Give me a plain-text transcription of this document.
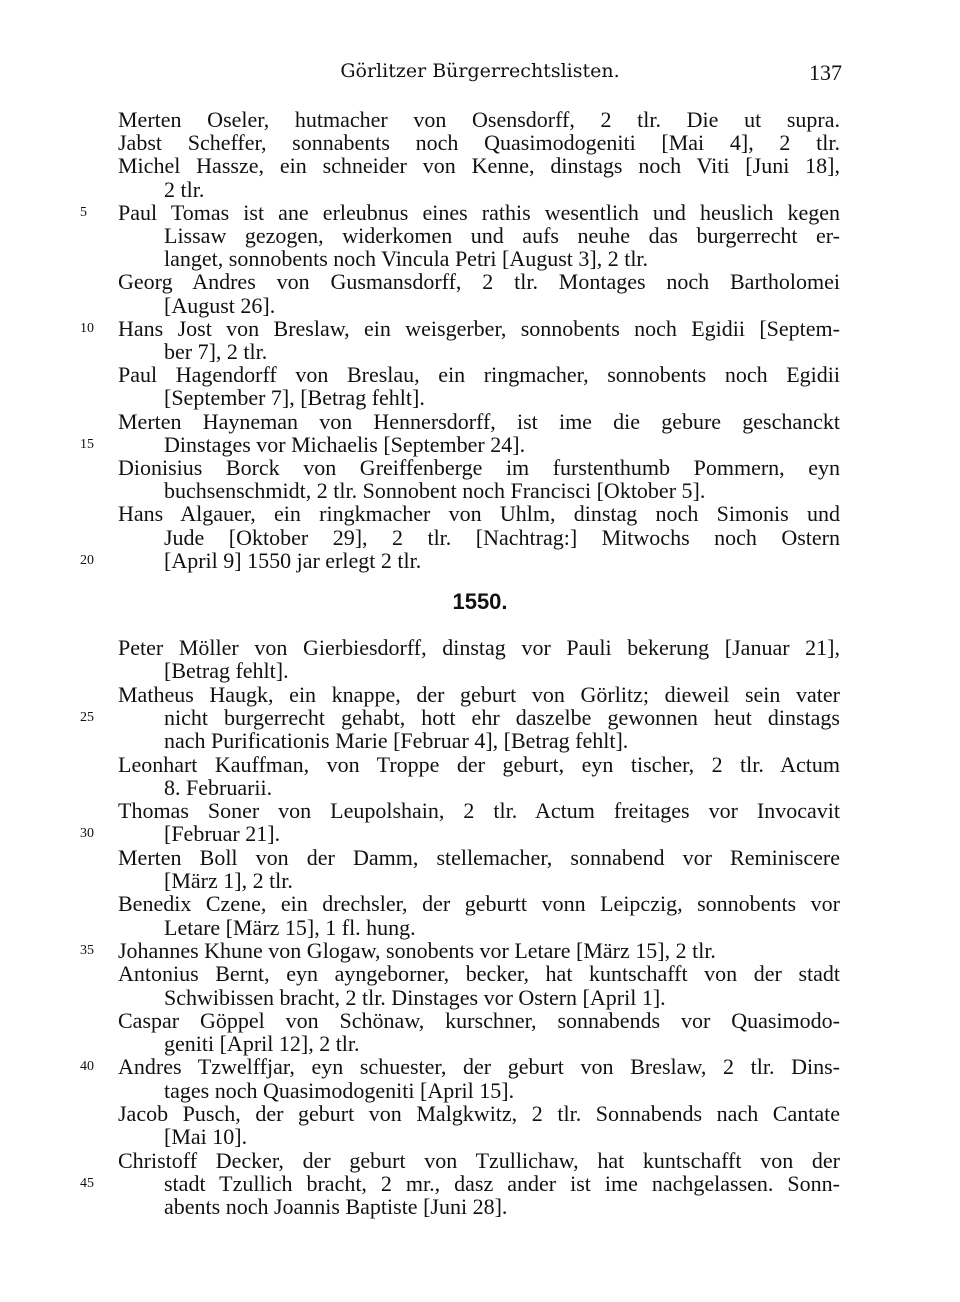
Görlitzer Bürgerrechtslisten.	137
Merten Oseler, hutmacher von Osensdorff, 2 tlr. Die ut supra.
Jabst Scheffer, sonnabents noch Quasimodogeniti [Mai 4], 2 tlr.
Michel Hassze, ein schneider von Kenne, dinstags noch Viti [Juni 18],
2 tlr.
5	Paul Tomas ist ane erleubnus eines rathis wesentlich und heuslich kegen
Lissaw gezogen, widerkomen und aufs neuhe das burgerrecht er-
langet, sonnobents noch Vincula Petri [August 3], 2 tlr.
Georg Andres von Gusmansdorff, 2 tlr. Montages noch Bartholomei
[August 26].
10	Hans Jost von Breslaw, ein weisgerber, sonnobents noch Egidii [Septem-
ber 7], 2 tlr.
Paul Hagendorff von Breslau, ein ringmacher, sonnobents noch Egidii
[September 7], [Betrag fehlt].
Merten Hayneman von Hennersdorff, ist ime die gebure geschanckt
15	Dinstages vor Michaelis [September 24].
Dionisius Borck von Greiffenberge im furstenthumb Pommern, eyn
buchsenschmidt, 2 tlr. Sonnobent noch Francisci [Oktober 5].
Hans Algauer, ein ringkmacher von Uhlm, dinstag noch Simonis und
Jude [Oktober 29], 2 tlr. [Nachtrag:] Mitwochs noch Ostern
20	[April 9] 1550 jar erlegt 2 tlr.
Peter Möller von Gierbiesdorff, dinstag vor Pauli bekerung [Januar 21],
[Betrag fehlt].
Matheus Haugk, ein knappe, der geburt von Görlitz; dieweil sein vater
25	nicht burgerrecht gehabt, hott ehr daszelbe gewonnen heut dinstags
nach Purificationis Marie [Februar 4], [Betrag fehlt].
Leonhart Kauffman, von Troppe der geburt, eyn tischer, 2 tlr. Actum
8. Februarii.
Thomas Soner von Leupolshain, 2 tlr. Actum freitages vor Invocavit
30	[Februar 21].
Merten Boll von der Damm, stellemacher, sonnabend vor Reminiscere
[März 1], 2 tlr.
Benedix Czene, ein drechsler, der geburtt vonn Leipczig, sonnobents vor
Letare [März 15], 1 fl. hung.
35	Johannes Khune von Glogaw, sonobents vor Letare [März 15], 2 tlr.
Antonius Bernt, eyn ayngeborner, becker, hat kuntschafft von der stadt
Schwibissen bracht, 2 tlr. Dinstages vor Ostern [April 1].
Caspar Göppel von Schönaw, kurschner, sonnabends vor Quasimodo-
geniti [April 12], 2 tlr.
40	Andres Tzwelffjar, eyn schuester, der geburt von Breslaw, 2 tlr. Dins-
tages noch Quasimodogeniti [April 15].
Jacob Pusch, der geburt von Malgkwitz, 2 tlr. Sonnabends nach Cantate
[Mai 10].
Christoff Decker, der geburt von Tzullichaw, hat kuntschafft von der
45	stadt Tzullich bracht, 2 mr., dasz ander ist ime nachgelassen. Sonn-
abents noch Joannis Baptiste [Juni 28].
1550.
